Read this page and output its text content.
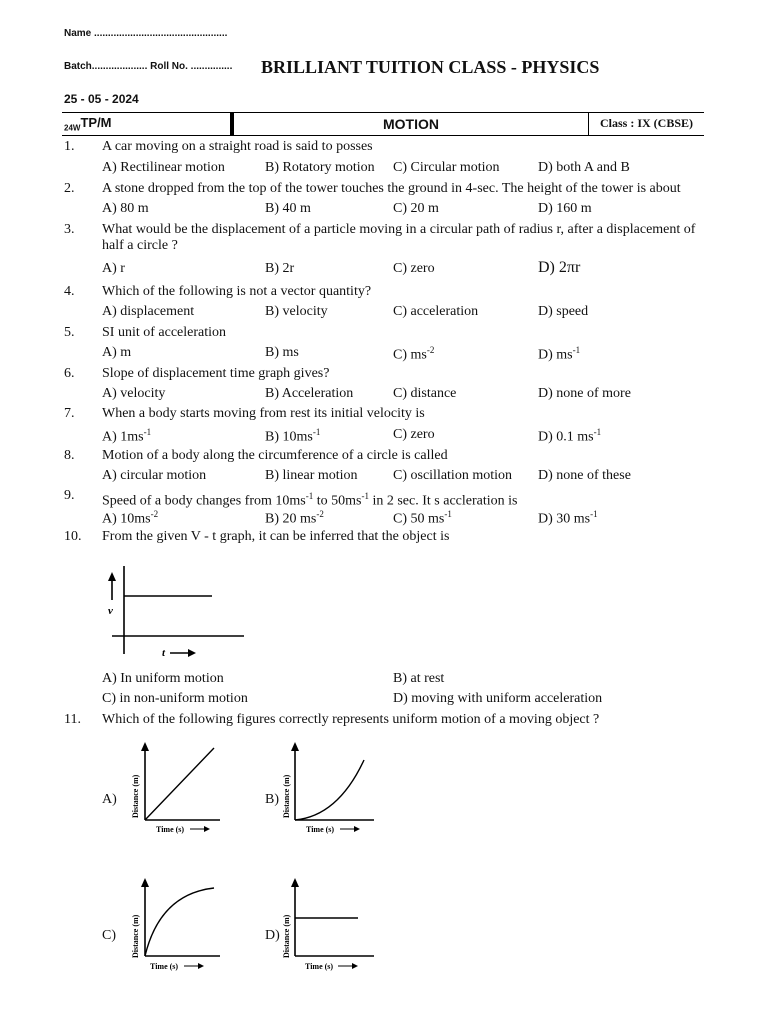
Name ................................................
Batch.................... Roll No. ............... BRILLIANT TUITION CLASS - PHYSICS
25 - 05 - 2024
$_{24W}$TP/M	MOTION	Class : IX (CBSE)
1. A car moving on a straight road is said to posses
A) Rectilinear motion	B) Rotatory motion C) Circular motion	D) both A and B
2. A stone dropped from the top of the tower touches the ground in 4-sec. The height of the tower is about
A) 80 m	B) 40 m	C) 20 m	D) 160 m
3. What would be the displacement of a particle moving in a circular path of radius r, after a displacement of half a circle ?
A) r	B) 2r	C) zero	D) 2πr
4. Which of the following is not a vector quantity?
A) displacement	B) velocity	C) acceleration	D) speed
5. SI unit of acceleration
A) m	B) ms	C) $ms^{-2}$	D) $ms^{-1}$
6. Slope of displacement time graph gives?
A) velocity	B) Acceleration	C) distance	D) none of more
7. When a body starts moving from rest its initial velocity is
A) $1ms^{-1}$	B) $10ms^{-1}$	C) zero	D) 0.1 $ms^{-1}$
8. Motion of a body along the circumference of a circle is called
A) circular motion	B) linear motion	C) oscillation motion D) none of these
9. Speed of a body changes from $10ms^{-1}$ to $50ms^{-1}$ in 2 sec. It s accleration is
A) $10ms^{-2}$	B) 20 $ms^{-2}$	C) 50 $ms^{-1}$	D) 30 $ms^{-1}$
10. From the given V - t graph, it can be inferred that the object is
v
t
A) In uniform motion	B) at rest
C) in non-uniform motion	D) moving with uniform acceleration
11. Which of the following figures correctly represents uniform motion of a moving object ?
A)	B)
C)	D)
Distance (m)
Time (s)
Distance (m)
Time (s)
Distance (m)
Time (s)
Distance (m)
Time (s)
